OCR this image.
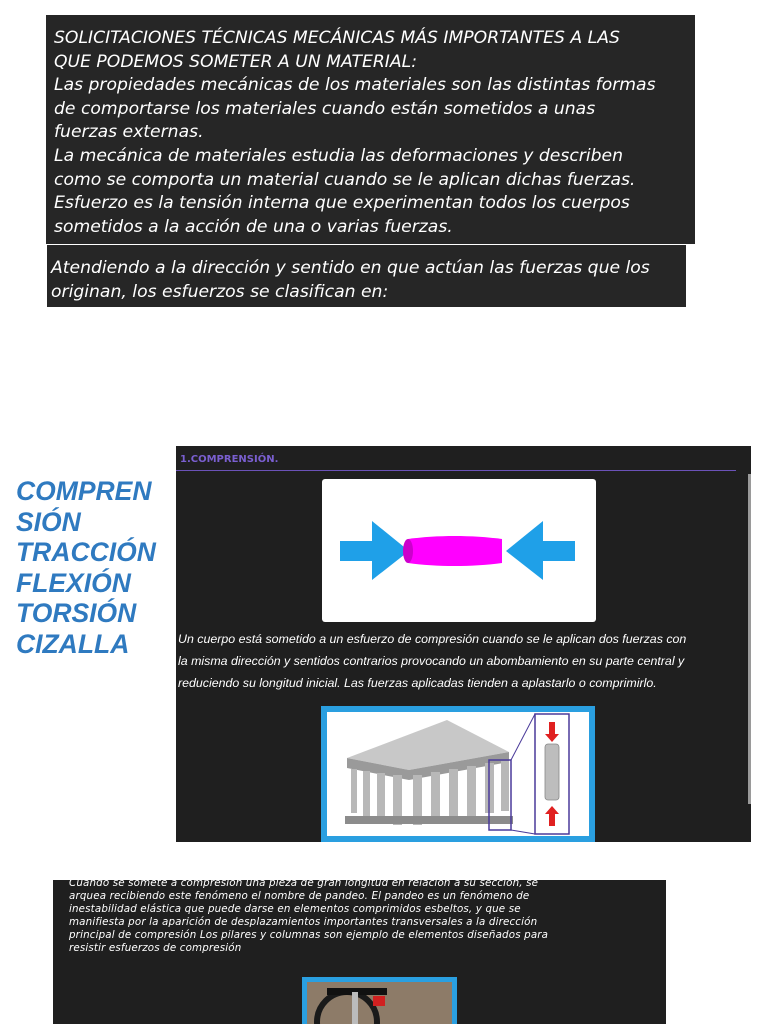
SOLICITACIONES TÉCNICAS MECÁNICAS MÁS IMPORTANTES A LAS
QUE PODEMOS SOMETER A UN MATERIAL:

Las propiedades mecánicas de los materiales son las distintas formas
de comportarse los materiales cuando están sometidos a unas
fuerzas externas.

La mecánica de materiales estudia las deformaciones y describen
como se comporta un material cuando se le aplican dichas fuerzas.

Esfuerzo es la tensión interna que experimentan todos los cuerpos
sometidos a la acción de una o varias fuerzas.

Atendiendo a la dirección y sentido en que actúan las fuerzas que los
originan, los esfuerzos se clasifican en:
COMPREN
SIÓN
TRACCIÓN
FLEXIÓN
TORSIÓN
CIZALLA
1.COMPRENSIÓN.
Un cuerpo está sometido a un esfuerzo de compresión cuando se le aplican dos fuerzas con
la misma dirección y sentidos contrarios provocando un abombamiento en su parte central y
reduciendo su longitud inicial. Las fuerzas aplicadas tienden a aplastarlo o comprimirlo.
Cuando se somete a compresión una pieza de gran longitud en relación a su sección, se
arquea recibiendo este fenómeno el nombre de pandeo. El pandeo es un fenómeno de
inestabilidad elástica que puede darse en elementos comprimidos esbeltos, y que se
manifiesta por la aparición de desplazamientos importantes transversales a la dirección
principal de compresión Los pilares y columnas son ejemplo de elementos diseñados para
resistir esfuerzos de compresión
